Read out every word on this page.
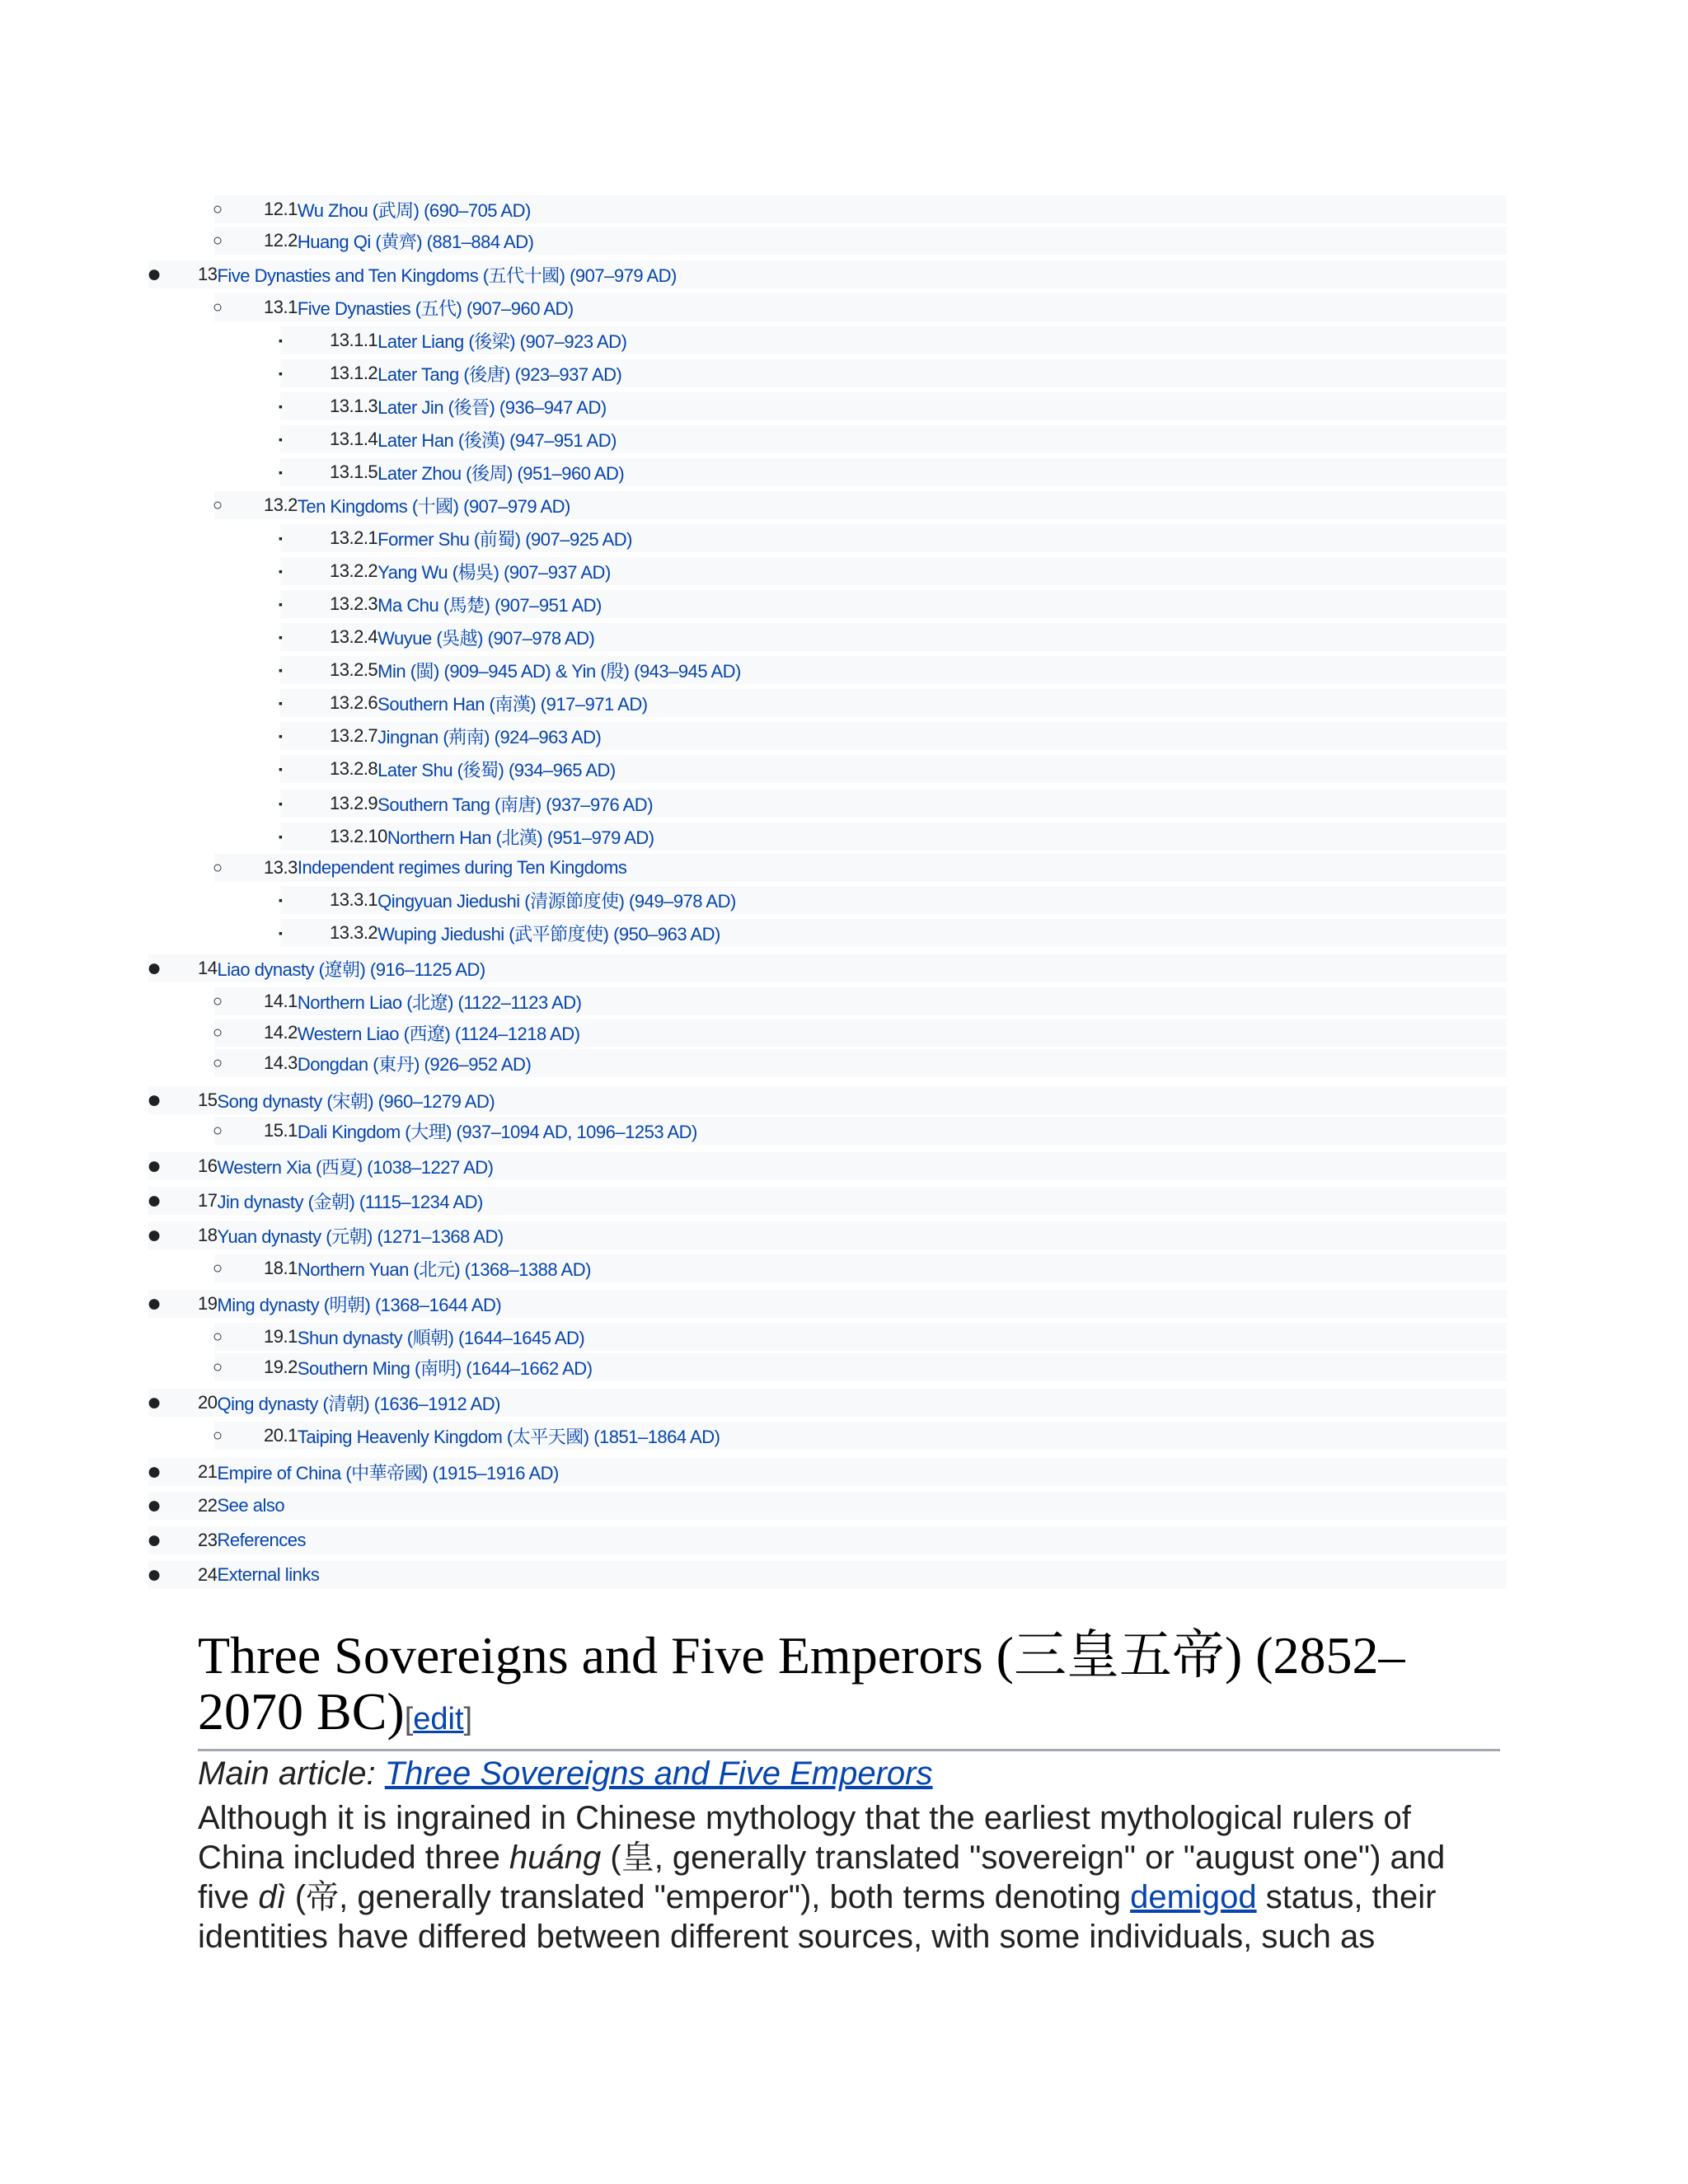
○ 12.1 Wu Zhou (武周) (690–705 AD)
○ 12.2 Huang Qi (黄齊) (881–884 AD)
● 13 Five Dynasties and Ten Kingdoms (五代十國) (907–979 AD)
○ 13.1 Five Dynasties (五代) (907–960 AD)
▪	13.1.1 Later Liang (後梁) (907–923 AD)
▪	13.1.2 Later Tang (後唐) (923–937 AD)
▪	13.1.3 Later Jin (後晉) (936–947 AD)
▪	13.1.4 Later Han (後漢) (947–951 AD)
▪	13.1.5 Later Zhou (後周) (951–960 AD)
○ 13.2 Ten Kingdoms (十國) (907–979 AD)
▪	13.2.1 Former Shu (前蜀) (907–925 AD)
▪	13.2.2 Yang Wu (楊吳) (907–937 AD)
▪	13.2.3 Ma Chu (馬楚) (907–951 AD)
▪	13.2.4 Wuyue (吳越) (907–978 AD)
▪	13.2.5 Min (閩) (909–945 AD) & Yin (殷) (943–945 AD)
▪	13.2.6 Southern Han (南漢) (917–971 AD)
▪	13.2.7 Jingnan (荊南) (924–963 AD)
▪	13.2.8 Later Shu (後蜀) (934–965 AD)
▪	13.2.9 Southern Tang (南唐) (937–976 AD)
▪	13.2.10 Northern Han (北漢) (951–979 AD)
○ 13.3 Independent regimes during Ten Kingdoms
▪	13.3.1 Qingyuan Jiedushi (清源節度使) (949–978 AD)
▪	13.3.2 Wuping Jiedushi (武平節度使) (950–963 AD)
● 14 Liao dynasty (遼朝) (916–1125 AD)
○ 14.1 Northern Liao (北遼) (1122–1123 AD)
○ 14.2 Western Liao (西遼) (1124–1218 AD)
○ 14.3 Dongdan (東丹) (926–952 AD)
● 15 Song dynasty (宋朝) (960–1279 AD)
○ 15.1 Dali Kingdom (大理) (937–1094 AD, 1096–1253 AD)
● 16 Western Xia (西夏) (1038–1227 AD)
● 17 Jin dynasty (金朝) (1115–1234 AD)
● 18 Yuan dynasty (元朝) (1271–1368 AD)
○ 18.1 Northern Yuan (北元) (1368–1388 AD)
● 19 Ming dynasty (明朝) (1368–1644 AD)
○ 19.1 Shun dynasty (順朝) (1644–1645 AD)
○ 19.2 Southern Ming (南明) (1644–1662 AD)
● 20 Qing dynasty (清朝) (1636–1912 AD)
○ 20.1 Taiping Heavenly Kingdom (太平天國) (1851–1864 AD)
● 21 Empire of China (中華帝國) (1915–1916 AD)
● 22 See also
● 23 References
● 24 External links
Three Sovereigns and Five Emperors (三皇五帝) (2852–2070 BC)[edit]
Main article: Three Sovereigns and Five Emperors

Although it is ingrained in Chinese mythology that the earliest mythological rulers of China included three huáng (皇, generally translated "sovereign" or "august one") and five dì (帝, generally translated "emperor"), both terms denoting demigod status, their identities have differed between different sources, with some individuals, such as
